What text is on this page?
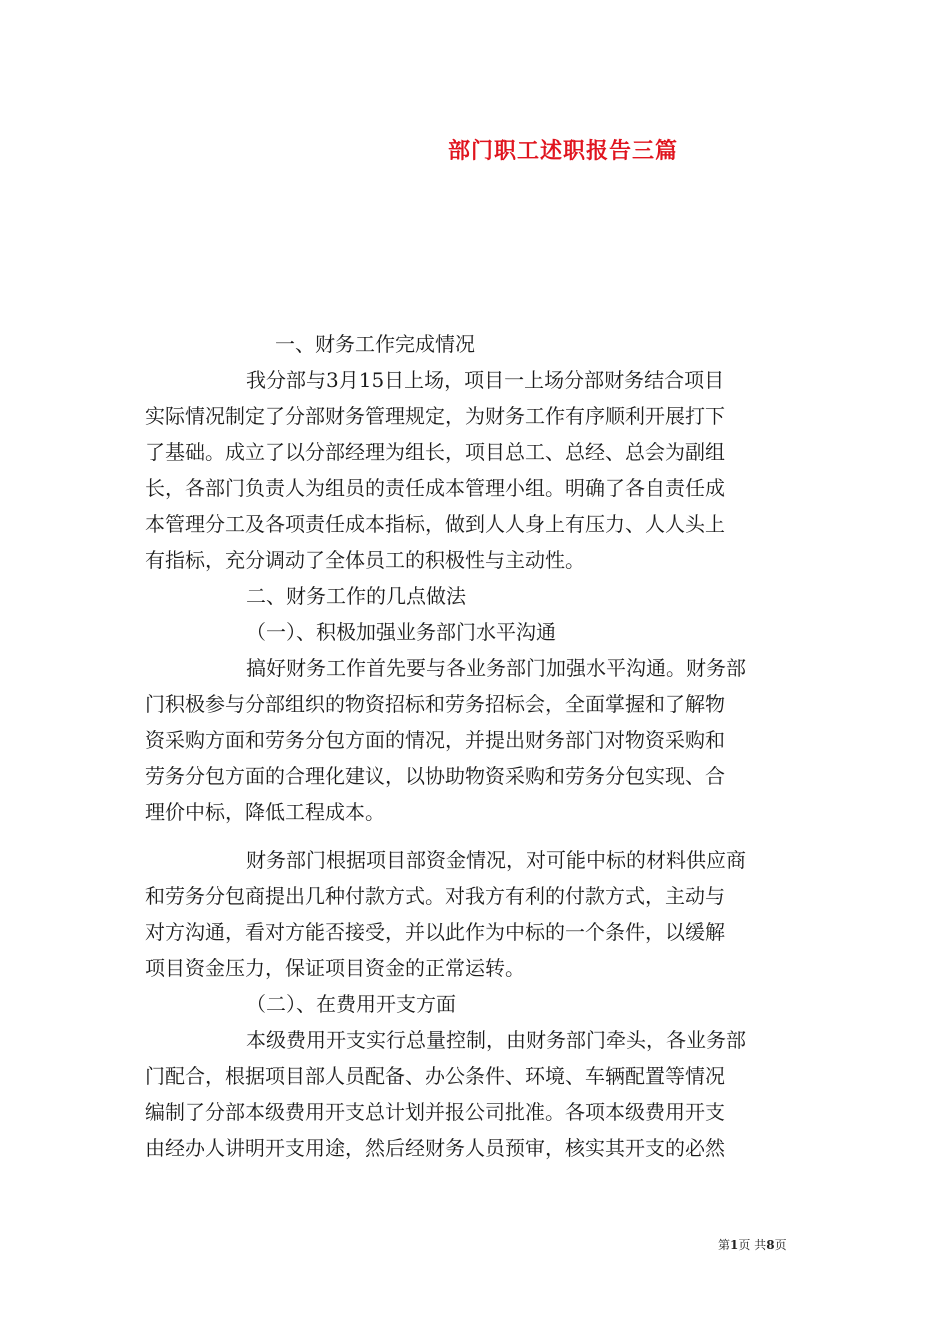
部门职工述职报告三篇
一、财务工作完成情况
我分部与3月15日上场，项目一上场分部财务结合项目
实际情况制定了分部财务管理规定，为财务工作有序顺利开展打下
了基础。成立了以分部经理为组长，项目总工、总经、总会为副组
长，各部门负责人为组员的责任成本管理小组。明确了各自责任成
本管理分工及各项责任成本指标，做到人人身上有压力、人人头上
有指标，充分调动了全体员工的积极性与主动性。
二、财务工作的几点做法
（一）、积极加强业务部门水平沟通
搞好财务工作首先要与各业务部门加强水平沟通。财务部
门积极参与分部组织的物资招标和劳务招标会，全面掌握和了解物
资采购方面和劳务分包方面的情况，并提出财务部门对物资采购和
劳务分包方面的合理化建议，以协助物资采购和劳务分包实现、合
理价中标，降低工程成本。
财务部门根据项目部资金情况，对可能中标的材料供应商
和劳务分包商提出几种付款方式。对我方有利的付款方式，主动与
对方沟通，看对方能否接受，并以此作为中标的一个条件，以缓解
项目资金压力，保证项目资金的正常运转。
（二）、在费用开支方面
本级费用开支实行总量控制，由财务部门牵头，各业务部
门配合，根据项目部人员配备、办公条件、环境、车辆配置等情况
编制了分部本级费用开支总计划并报公司批准。各项本级费用开支
由经办人讲明开支用途，然后经财务人员预审，核实其开支的必然
第1页 共8页
